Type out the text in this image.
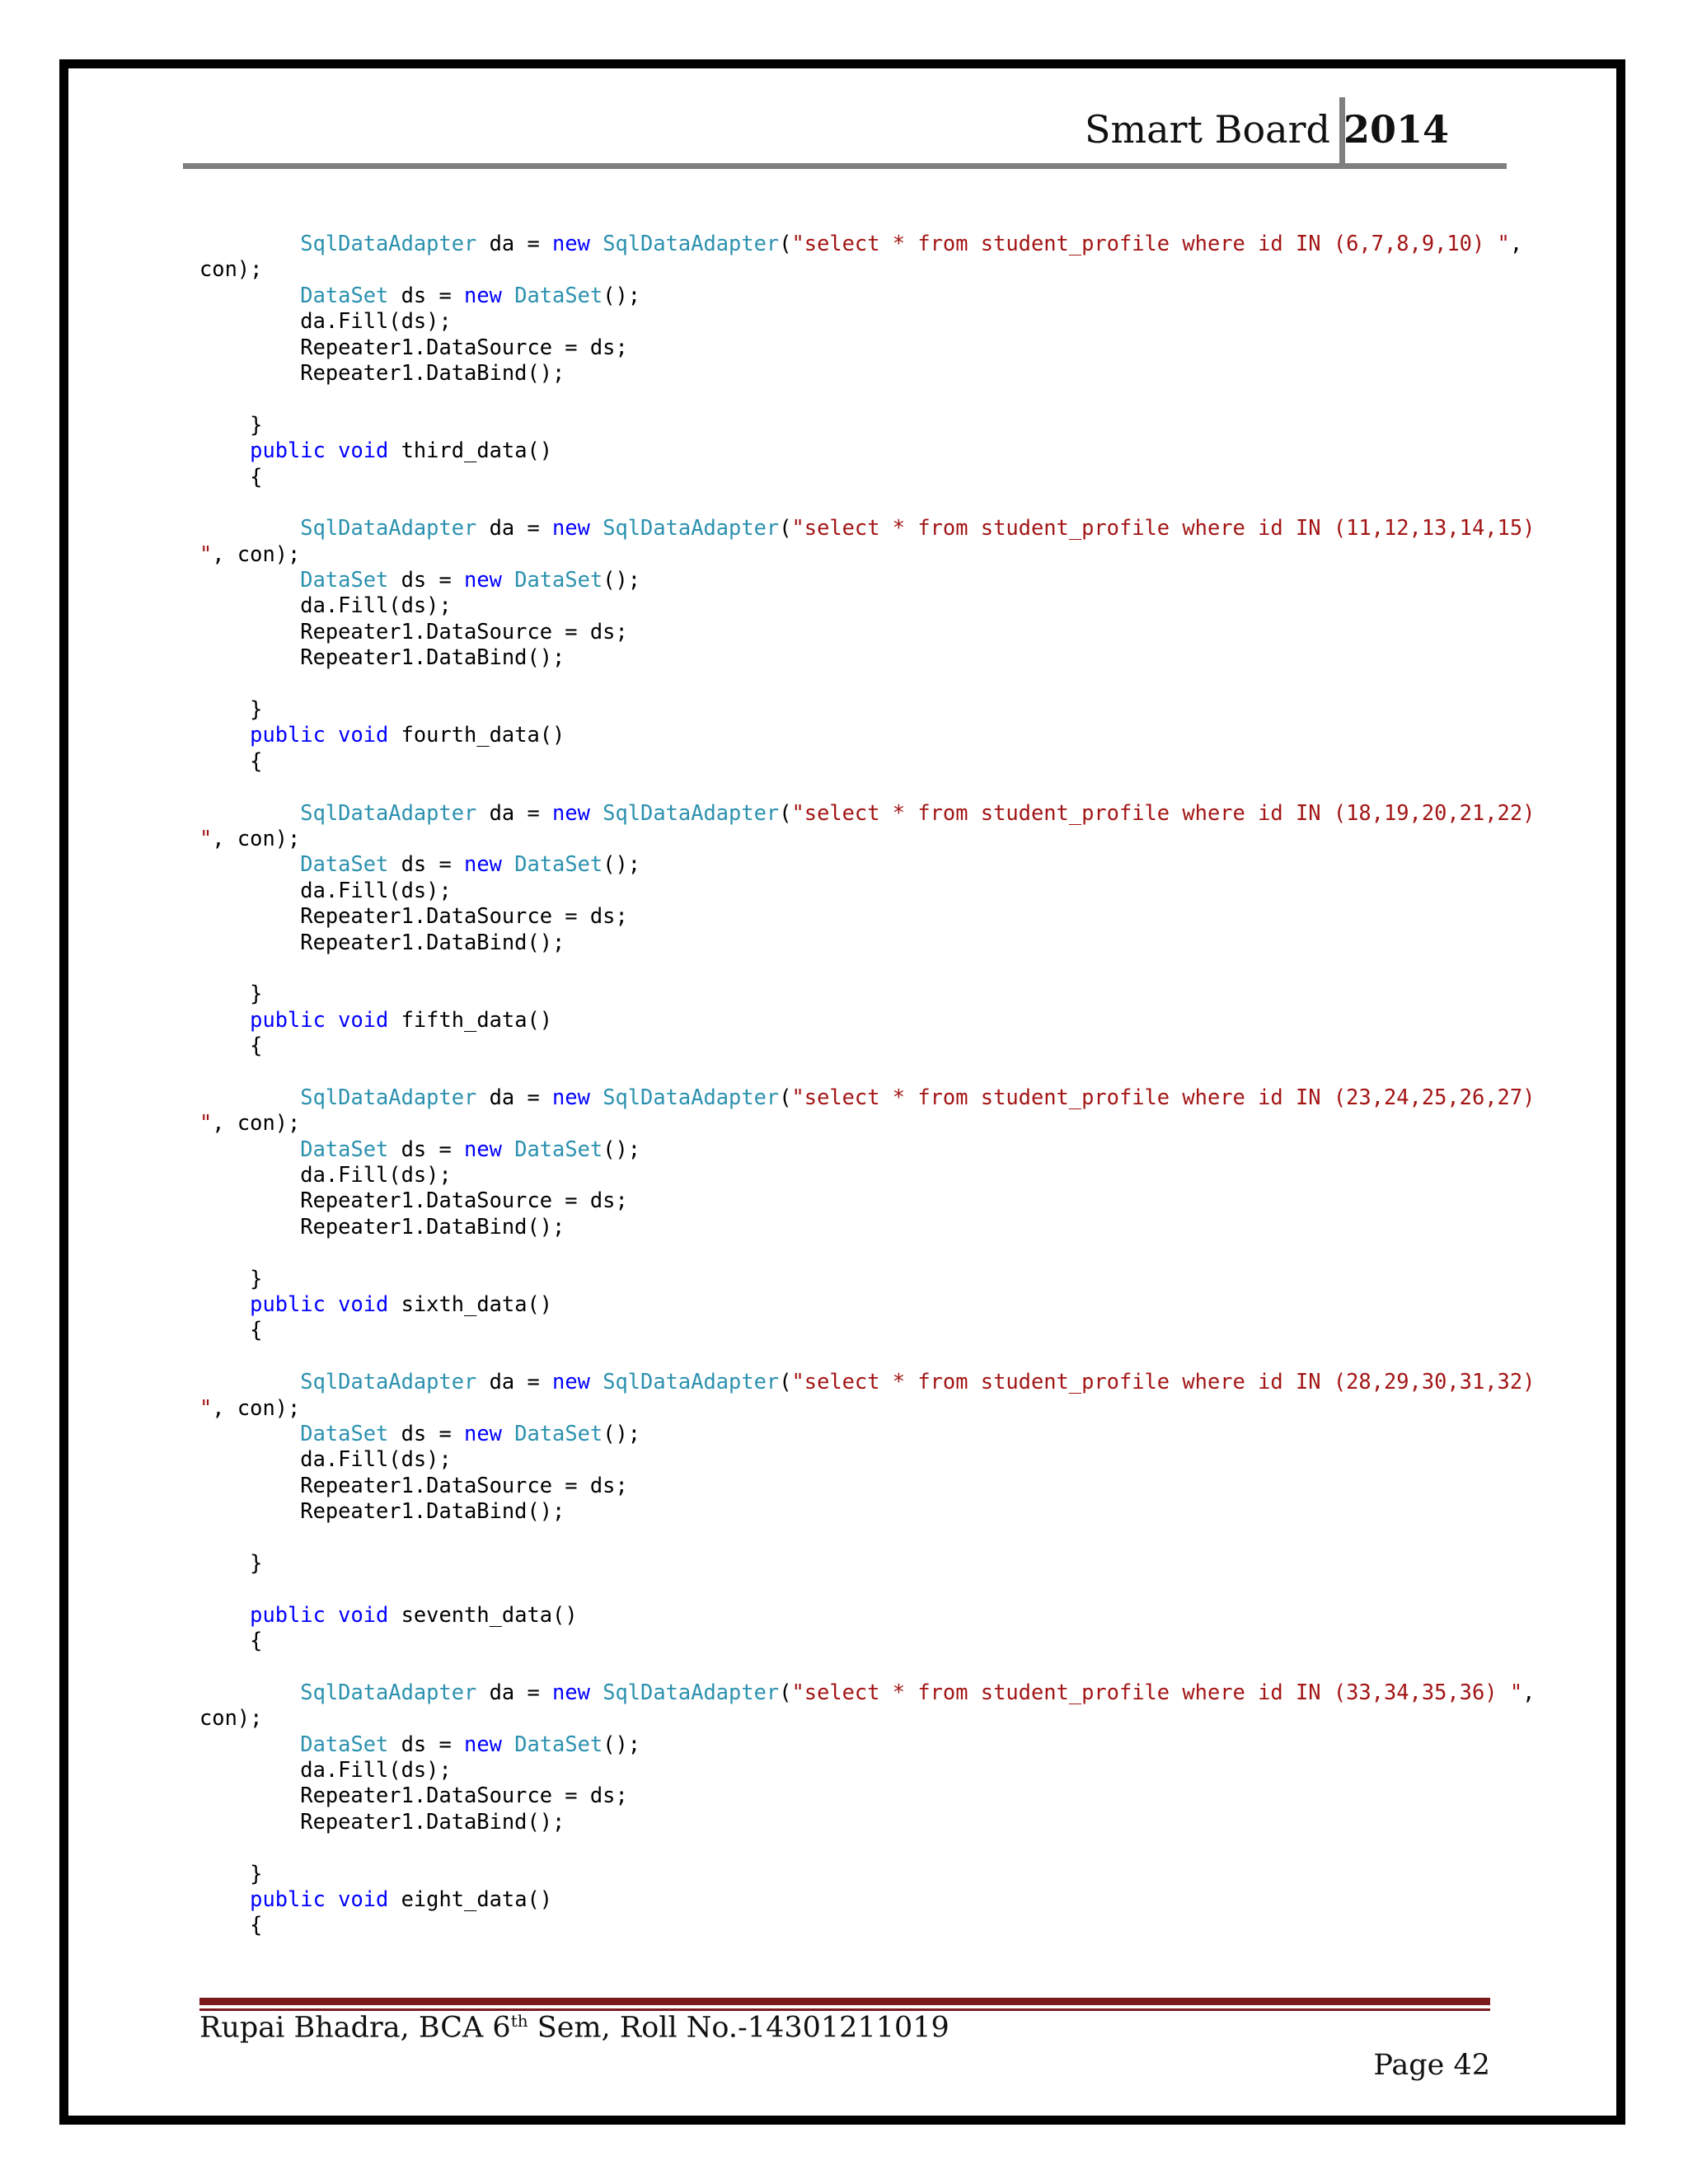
Smart Board 2014
SqlDataAdapter da = new SqlDataAdapter("select * from student_profile where id IN (6,7,8,9,10) ",
con);
DataSet ds = new DataSet();
da.Fill(ds);
Repeater1.DataSource = ds;
Repeater1.DataBind();

}
public void third_data()
{

SqlDataAdapter da = new SqlDataAdapter("select * from student_profile where id IN (11,12,13,14,15)
", con);
DataSet ds = new DataSet();
da.Fill(ds);
Repeater1.DataSource = ds;
Repeater1.DataBind();

}
public void fourth_data()
{

SqlDataAdapter da = new SqlDataAdapter("select * from student_profile where id IN (18,19,20,21,22)
", con);
DataSet ds = new DataSet();
da.Fill(ds);
Repeater1.DataSource = ds;
Repeater1.DataBind();

}
public void fifth_data()
{

SqlDataAdapter da = new SqlDataAdapter("select * from student_profile where id IN (23,24,25,26,27)
", con);
DataSet ds = new DataSet();
da.Fill(ds);
Repeater1.DataSource = ds;
Repeater1.DataBind();

}
public void sixth_data()
{

SqlDataAdapter da = new SqlDataAdapter("select * from student_profile where id IN (28,29,30,31,32)
", con);
DataSet ds = new DataSet();
da.Fill(ds);
Repeater1.DataSource = ds;
Repeater1.DataBind();

}

public void seventh_data()
{

SqlDataAdapter da = new SqlDataAdapter("select * from student_profile where id IN (33,34,35,36) ",
con);
DataSet ds = new DataSet();
da.Fill(ds);
Repeater1.DataSource = ds;
Repeater1.DataBind();

}
public void eight_data()
{
Rupai Bhadra, BCA 6th Sem, Roll No.-14301211019
Page 42
